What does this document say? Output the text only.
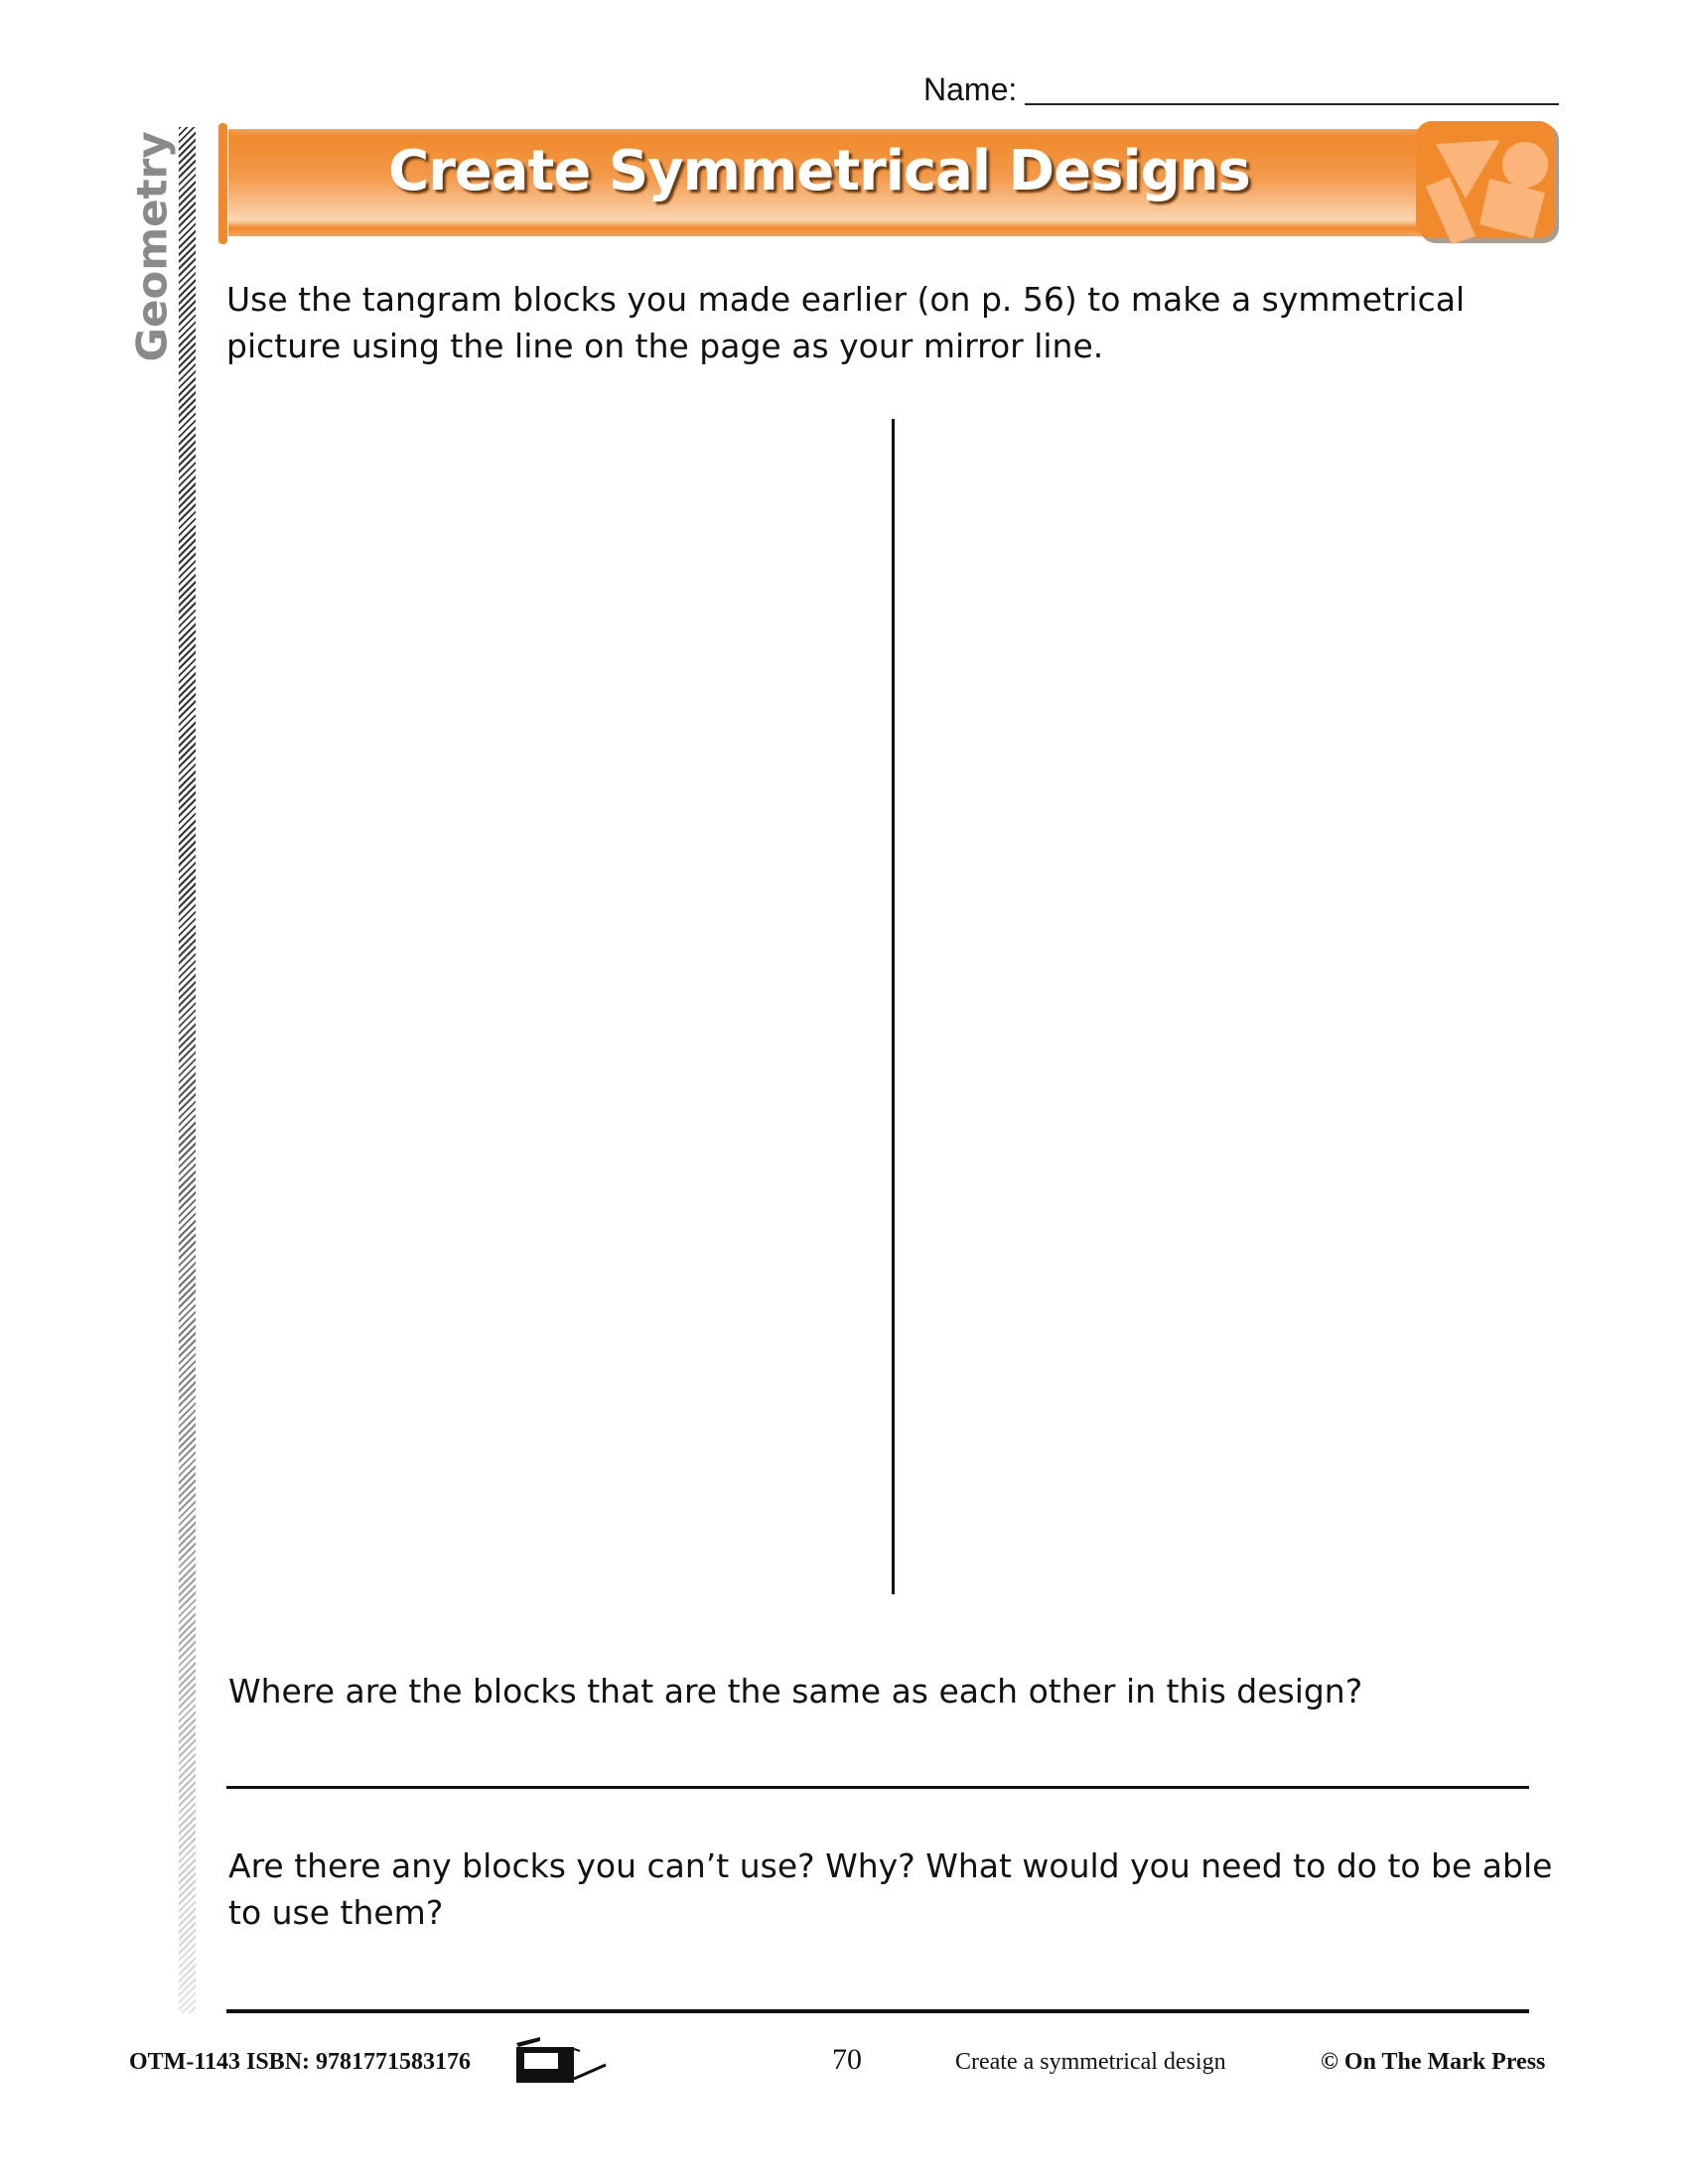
Name:
Geometry	Create Symmetrical Designs
Use the tangram blocks you made earlier (on p. 56) to make a symmetrical picture using the line on the page as your mirror line.
Where are the blocks that are the same as each other in this design?
Are there any blocks you can’t use? Why? What would you need to do to be able to use them?
OTM-1143 ISBN: 9781771583176	70	Create a symmetrical design	© On The Mark Press
